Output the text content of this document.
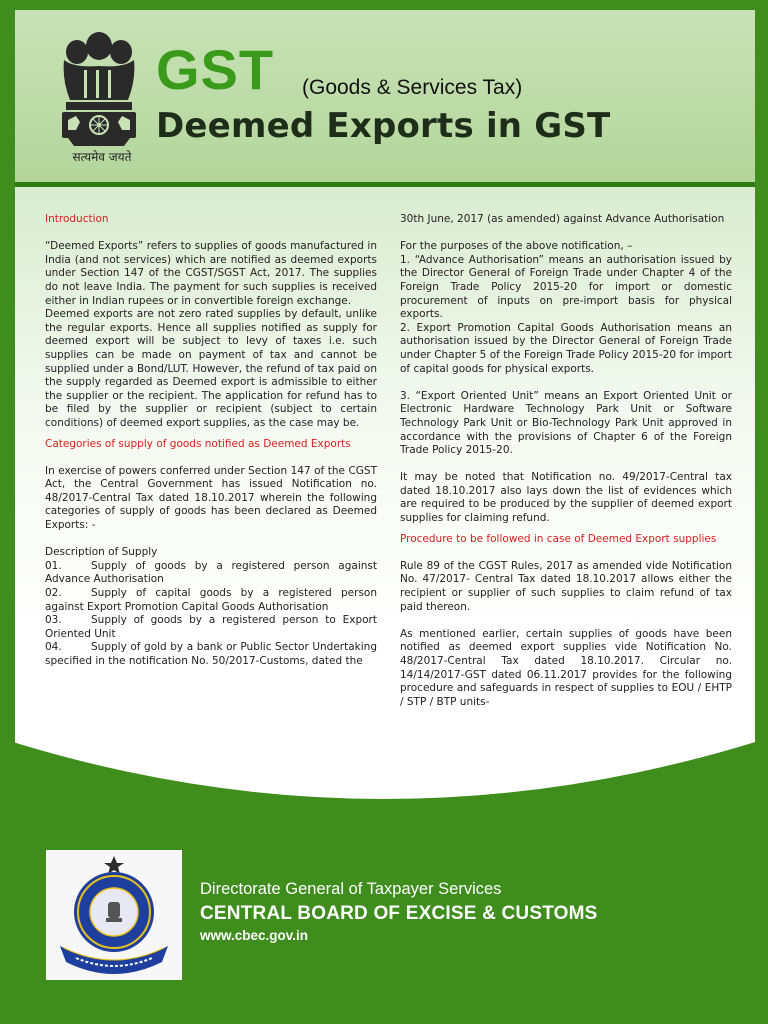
सत्यमेव जयते
GST (Goods & Services Tax)
Deemed Exports in GST

Introduction

“Deemed Exports” refers to supplies of goods manufactured in India (and not services) which are notified as deemed exports under Section 147 of the CGST/SGST Act, 2017. The supplies do not leave India. The payment for such supplies is received either in Indian rupees or in convertible foreign exchange.

Deemed exports are not zero rated supplies by default, unlike the regular exports. Hence all supplies notified as supply for deemed export will be subject to levy of taxes i.e. such supplies can be made on payment of tax and cannot be supplied under a Bond/LUT. However, the refund of tax paid on the supply regarded as Deemed export is admissible to either the supplier or the recipient. The application for refund has to be filed by the supplier or recipient (subject to certain conditions) of deemed export supplies, as the case may be.

Categories of supply of goods notified as Deemed Exports

In exercise of powers conferred under Section 147 of the CGST Act, the Central Government has issued Notification no. 48/2017-Central Tax dated 18.10.2017 wherein the following categories of supply of goods has been declared as Deemed Exports: -

Description of Supply

01.	Supply of goods by a registered person against Advance Authorisation

02.	Supply of capital goods by a registered person against Export Promotion Capital Goods Authorisation

03.	Supply of goods by a registered person to Export Oriented Unit

04.	Supply of gold by a bank or Public Sector Undertaking specified in the notification No. 50/2017-Customs, dated the

30th June, 2017 (as amended) against Advance Authorisation

For the purposes of the above notification, –

1. “Advance Authorisation” means an authorisation issued by the Director General of Foreign Trade under Chapter 4 of the Foreign Trade Policy 2015-20 for import or domestic procurement of inputs on pre-import basis for physical exports.

2. Export Promotion Capital Goods Authorisation means an authorisation issued by the Director General of Foreign Trade under Chapter 5 of the Foreign Trade Policy 2015-20 for import of capital goods for physical exports.

3. “Export Oriented Unit” means an Export Oriented Unit or Electronic Hardware Technology Park Unit or Software Technology Park Unit or Bio-Technology Park Unit approved in accordance with the provisions of Chapter 6 of the Foreign Trade Policy 2015-20.

It may be noted that Notification no. 49/2017-Central tax dated 18.10.2017 also lays down the list of evidences which are required to be produced by the supplier of deemed export supplies for claiming refund.

Procedure to be followed in case of Deemed Export supplies

Rule 89 of the CGST Rules, 2017 as amended vide Notification No. 47/2017- Central Tax dated 18.10.2017 allows either the recipient or supplier of such supplies to claim refund of tax paid thereon.

As mentioned earlier, certain supplies of goods have been notified as deemed export supplies vide Notification No. 48/2017-Central Tax dated 18.10.2017. Circular no. 14/14/2017-GST dated 06.11.2017 provides for the following procedure and safeguards in respect of supplies to EOU / EHTP / STP / BTP units-

Directorate General of Taxpayer Services
CENTRAL BOARD OF EXCISE & CUSTOMS
www.cbec.gov.in
